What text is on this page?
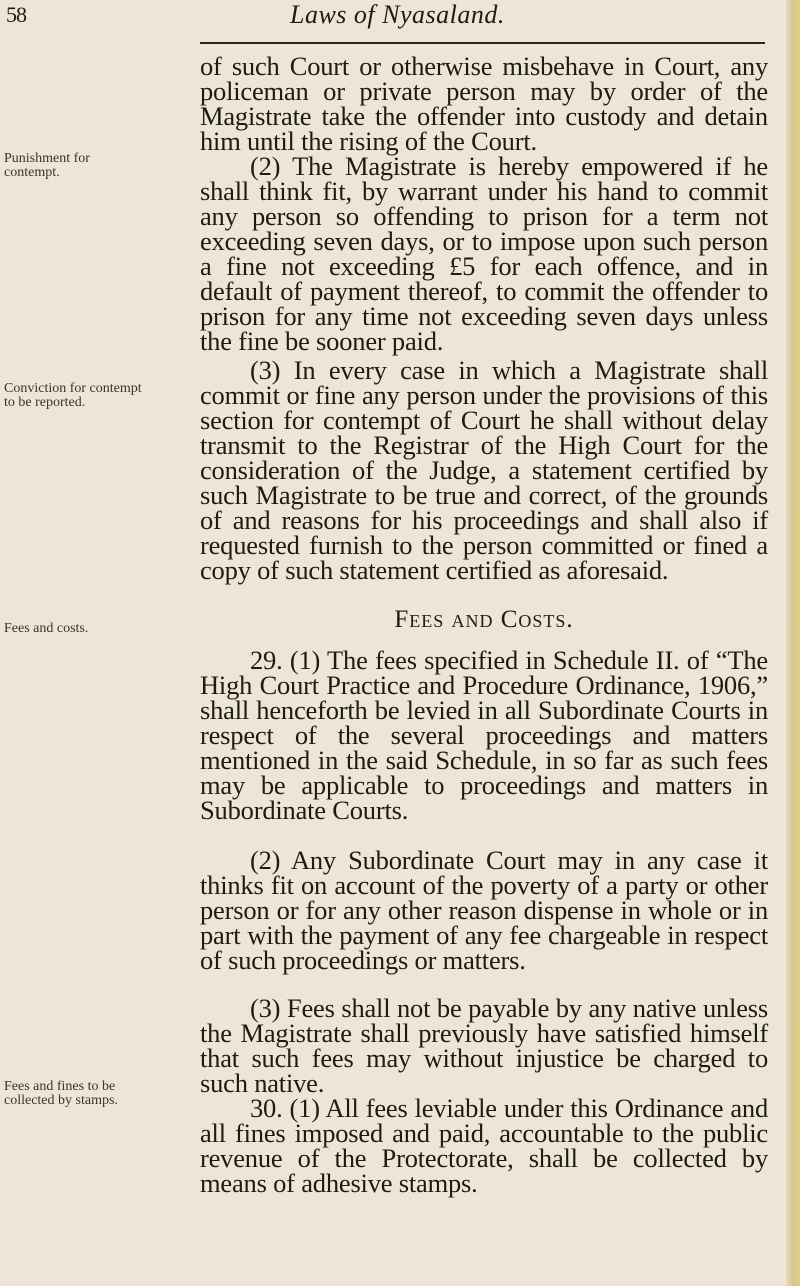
58	Laws of Nyasaland.
Punishment for contempt.
Conviction for contempt to be reported.
Fees and costs.
Fees and fines to be collected by stamps.

of such Court or otherwise misbehave in Court, any policeman or private person may by order of the Magistrate take the offender into custody and detain him until the rising of the Court.

(2) The Magistrate is hereby empowered if he shall think fit, by warrant under his hand to commit any person so offending to prison for a term not exceeding seven days, or to impose upon such person a fine not exceeding £5 for each offence, and in default of payment thereof, to commit the offender to prison for any time not exceeding seven days unless the fine be sooner paid.

(3) In every case in which a Magistrate shall commit or fine any person under the provisions of this section for contempt of Court he shall without delay transmit to the Registrar of the High Court for the consideration of the Judge, a statement certified by such Magistrate to be true and correct, of the grounds of and reasons for his proceedings and shall also if requested furnish to the person committed or fined a copy of such statement certified as aforesaid.

Fees and Costs.

29. (1) The fees specified in Schedule II. of “The High Court Practice and Procedure Ordinance, 1906,” shall henceforth be levied in all Subordinate Courts in respect of the several proceedings and matters mentioned in the said Schedule, in so far as such fees may be applicable to proceedings and matters in Subordinate Courts.

(2) Any Subordinate Court may in any case it thinks fit on account of the poverty of a party or other person or for any other reason dispense in whole or in part with the payment of any fee chargeable in respect of such proceedings or matters.

(3) Fees shall not be payable by any native unless the Magistrate shall previously have satisfied himself that such fees may without injustice be charged to such native.

30. (1) All fees leviable under this Ordinance and all fines imposed and paid, accountable to the public revenue of the Protectorate, shall be collected by means of adhesive stamps.
